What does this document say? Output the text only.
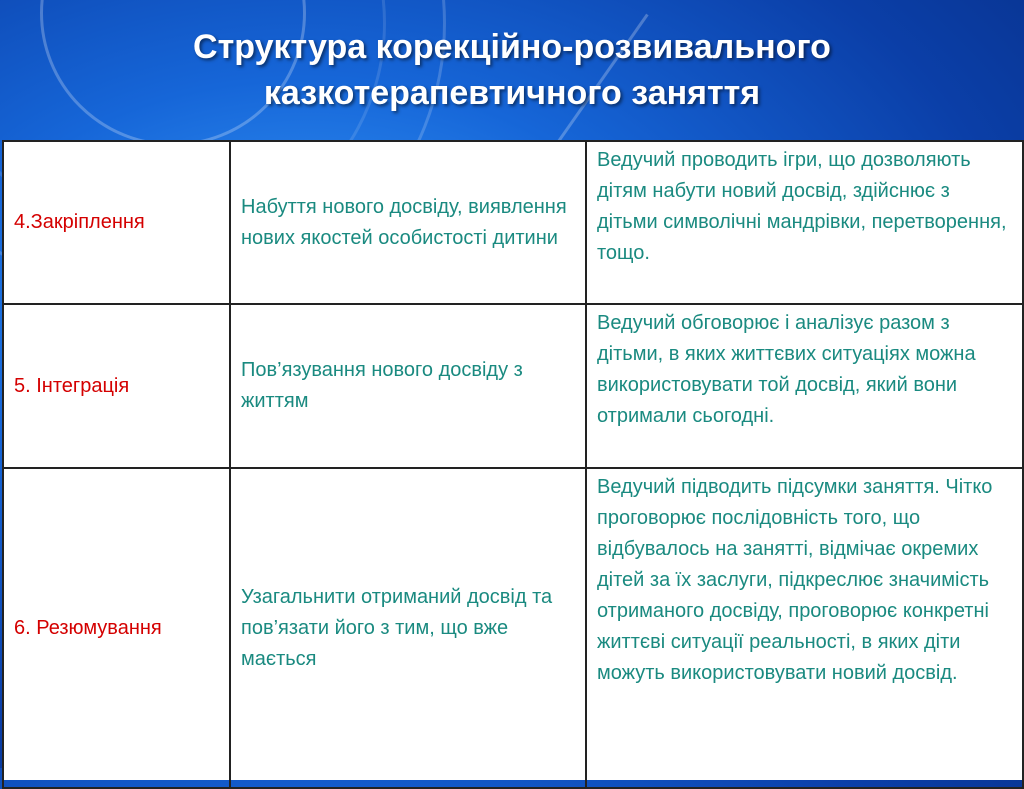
Структура корекційно-розвивального
казкотерапевтичного заняття
4.Закріплення	Набуття нового досвіду, виявлення нових якостей особистості дитини	Ведучий проводить ігри, що дозволяють дітям набути новий досвід, здійснює з дітьми символічні мандрівки, перетворення, тощо.
5. Інтеграція	Пов’язування нового досвіду з життям	Ведучий обговорює і аналізує разом з дітьми, в яких життєвих ситуаціях можна використовувати той досвід, який вони отримали сьогодні.
6. Резюмування	Узагальнити отриманий досвід та пов’язати його з тим, що вже мається	Ведучий підводить підсумки заняття. Чітко проговорює послідовність того, що відбувалось на занятті, відмічає окремих дітей за їх заслуги, підкреслює значимість отриманого досвіду, проговорює конкретні життєві ситуації реальності, в яких діти можуть використовувати новий досвід.
